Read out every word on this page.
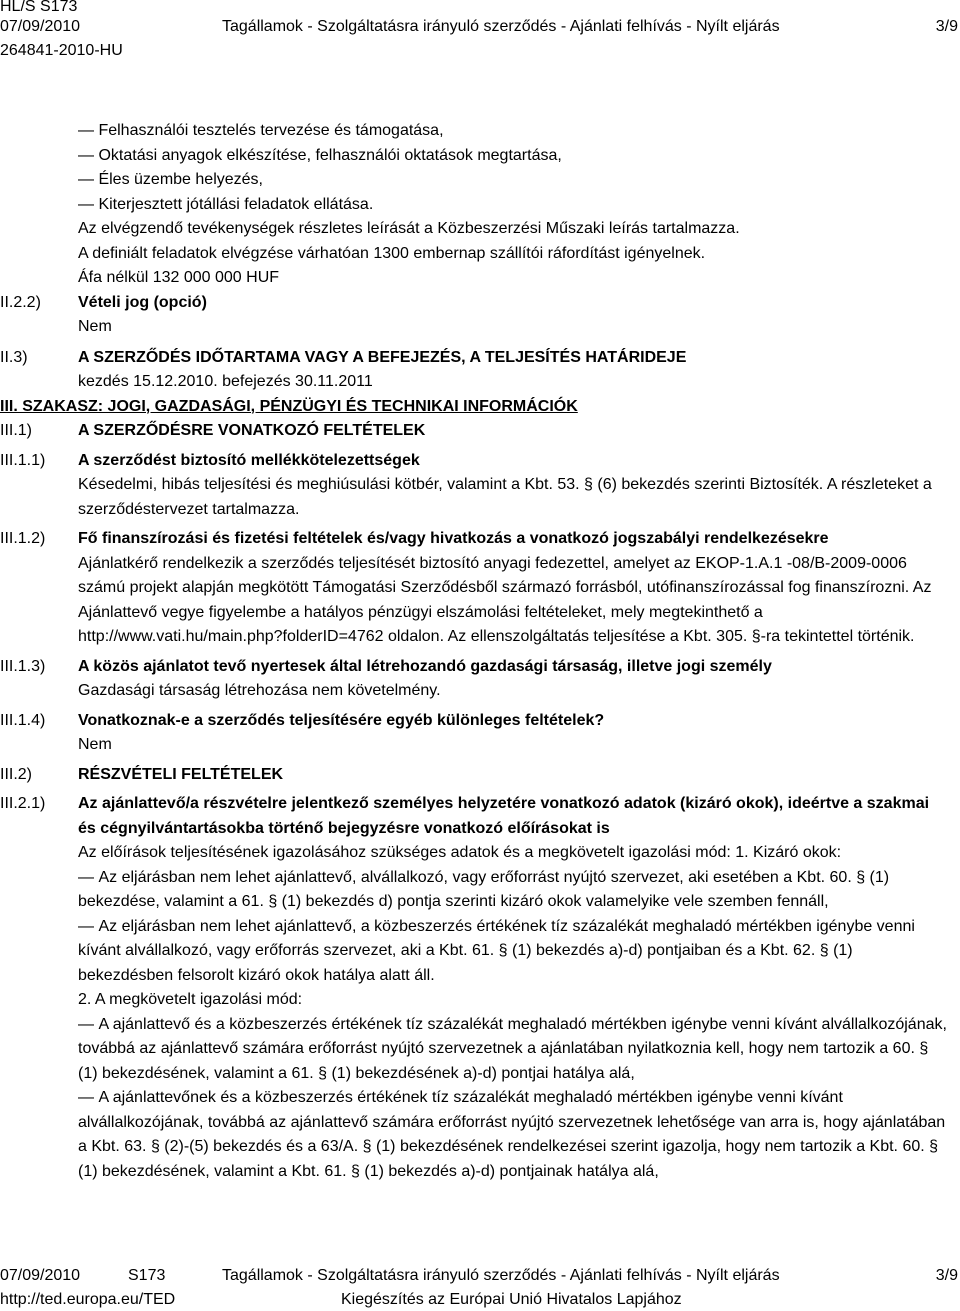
HL/S S173
07/09/2010	Tagállamok - Szolgáltatásra irányuló szerződés - Ajánlati felhívás - Nyílt eljárás	3/9
264841-2010-HU
— Felhasználói tesztelés tervezése és támogatása,
— Oktatási anyagok elkészítése, felhasználói oktatások megtartása,
— Éles üzembe helyezés,
— Kiterjesztett jótállási feladatok ellátása.
Az elvégzendő tevékenységek részletes leírását a Közbeszerzési Műszaki leírás tartalmazza.
A definiált feladatok elvégzése várhatóan 1300 embernap szállítói ráfordítást igényelnek.
Áfa nélkül 132 000 000 HUF
II.2.2)	Vételi jog (opció)
Nem
II.3)	A SZERZŐDÉS IDŐTARTAMA VAGY A BEFEJEZÉS, A TELJESÍTÉS HATÁRIDEJE
kezdés 15.12.2010. befejezés 30.11.2011
III. SZAKASZ: JOGI, GAZDASÁGI, PÉNZÜGYI ÉS TECHNIKAI INFORMÁCIÓK
III.1)	A SZERZŐDÉSRE VONATKOZÓ FELTÉTELEK
III.1.1)	A szerződést biztosító mellékkötelezettségek
Késedelmi, hibás teljesítési és meghiúsulási kötbér, valamint a Kbt. 53. § (6) bekezdés szerinti Biztosíték. A részleteket a szerződéstervezet tartalmazza.
III.1.2)	Fő finanszírozási és fizetési feltételek és/vagy hivatkozás a vonatkozó jogszabályi rendelkezésekre
Ajánlatkérő rendelkezik a szerződés teljesítését biztosító anyagi fedezettel, amelyet az EKOP-1.A.1 -08/B-2009-0006 számú projekt alapján megkötött Támogatási Szerződésből származó forrásból, utófinanszírozással fog finanszírozni. Az Ajánlattevő vegye figyelembe a hatályos pénzügyi elszámolási feltételeket, mely megtekinthető a http://www.vati.hu/main.php?folderID=4762 oldalon. Az ellenszolgáltatás teljesítése a Kbt. 305. §-ra tekintettel történik.
III.1.3)	A közös ajánlatot tevő nyertesek által létrehozandó gazdasági társaság, illetve jogi személy
Gazdasági társaság létrehozása nem követelmény.
III.1.4)	Vonatkoznak-e a szerződés teljesítésére egyéb különleges feltételek?
Nem
III.2)	RÉSZVÉTELI FELTÉTELEK
III.2.1)	Az ajánlattevő/a részvételre jelentkező személyes helyzetére vonatkozó adatok (kizáró okok), ideértve a szakmai és cégnyilvántartásokba történő bejegyzésre vonatkozó előírásokat is
Az előírások teljesítésének igazolásához szükséges adatok és a megkövetelt igazolási mód: 1. Kizáró okok:
— Az eljárásban nem lehet ajánlattevő, alvállalkozó, vagy erőforrást nyújtó szervezet, aki esetében a Kbt. 60. § (1) bekezdése, valamint a 61. § (1) bekezdés d) pontja szerinti kizáró okok valamelyike vele szemben fennáll,
— Az eljárásban nem lehet ajánlattevő, a közbeszerzés értékének tíz százalékát meghaladó mértékben igénybe venni kívánt alvállalkozó, vagy erőforrás szervezet, aki a Kbt. 61. § (1) bekezdés a)-d) pontjaiban és a Kbt. 62. § (1) bekezdésben felsorolt kizáró okok hatálya alatt áll.
2. A megkövetelt igazolási mód:
— A ajánlattevő és a közbeszerzés értékének tíz százalékát meghaladó mértékben igénybe venni kívánt alvállalkozójának, továbbá az ajánlattevő számára erőforrást nyújtó szervezetnek a ajánlatában nyilatkoznia kell, hogy nem tartozik a 60. § (1) bekezdésének, valamint a 61. § (1) bekezdésének a)-d) pontjai hatálya alá,
— A ajánlattevőnek és a közbeszerzés értékének tíz százalékát meghaladó mértékben igénybe venni kívánt alvállalkozójának, továbbá az ajánlattevő számára erőforrást nyújtó szervezetnek lehetősége van arra is, hogy ajánlatában a Kbt. 63. § (2)-(5) bekezdés és a 63/A. § (1) bekezdésének rendelkezései szerint igazolja, hogy nem tartozik a Kbt. 60. § (1) bekezdésének, valamint a Kbt. 61. § (1) bekezdés a)-d) pontjainak hatálya alá,
07/09/2010	S173	Tagállamok - Szolgáltatásra irányuló szerződés - Ajánlati felhívás - Nyílt eljárás	3/9
http://ted.europa.eu/TED	Kiegészítés az Európai Unió Hivatalos Lapjához
